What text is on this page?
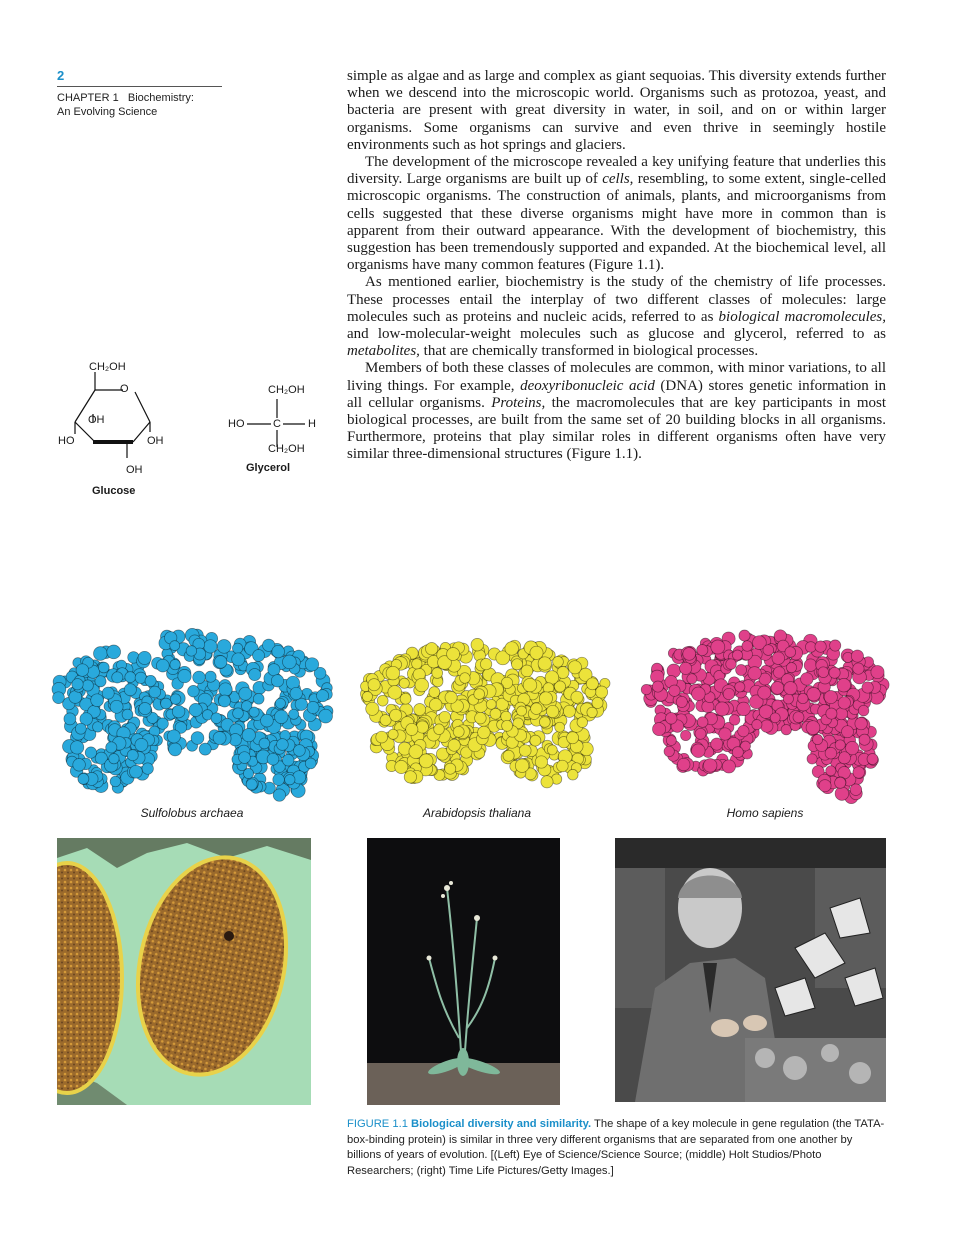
2
CHAPTER 1   Biochemistry:
An Evolving Science

simple as algae and as large and complex as giant sequoias. This diversity extends further when we descend into the microscopic world. Organisms such as protozoa, yeast, and bacteria are present with great diversity in water, in soil, and on or within larger organisms. Some organisms can survive and even thrive in seemingly hostile environments such as hot springs and glaciers.

The development of the microscope revealed a key unifying feature that underlies this diversity. Large organisms are built up of cells, resembling, to some extent, single-celled microscopic organisms. The construction of animals, plants, and microorganisms from cells suggested that these diverse organisms might have more in common than is apparent from their outward appearance. With the development of biochemistry, this suggestion has been tremendously supported and expanded. At the biochemical level, all organisms have many common features (Figure 1.1).

As mentioned earlier, biochemistry is the study of the chemistry of life processes. These processes entail the interplay of two different classes of molecules: large molecules such as proteins and nucleic acids, referred to as biological macromolecules, and low-molecular-weight molecules such as glucose and glycerol, referred to as metabolites, that are chemically transformed in biological processes.

Members of both these classes of molecules are common, with minor variations, to all living things. For example, deoxyribonucleic acid (DNA) stores genetic information in all cellular organisms. Proteins, the macromolecules that are key participants in most biological processes, are built from the same set of 20 building blocks in all organisms. Furthermore, proteins that play similar roles in different organisms often have very similar three-dimensional structures (Figure 1.1).

CH₂OH
O
OH
HO	OH
OH
Glucose
CH₂OH
HO	C H
CH₂OH
Glycerol
Sulfolobus archaea	Arabidopsis thaliana	Homo sapiens
FIGURE 1.1 Biological diversity and similarity. The shape of a key molecule in gene regulation (the TATA-box-binding protein) is similar in three very different organisms that are separated from one another by billions of years of evolution. [(Left) Eye of Science/Science Source; (middle) Holt Studios/Photo Researchers; (right) Time Life Pictures/Getty Images.]
